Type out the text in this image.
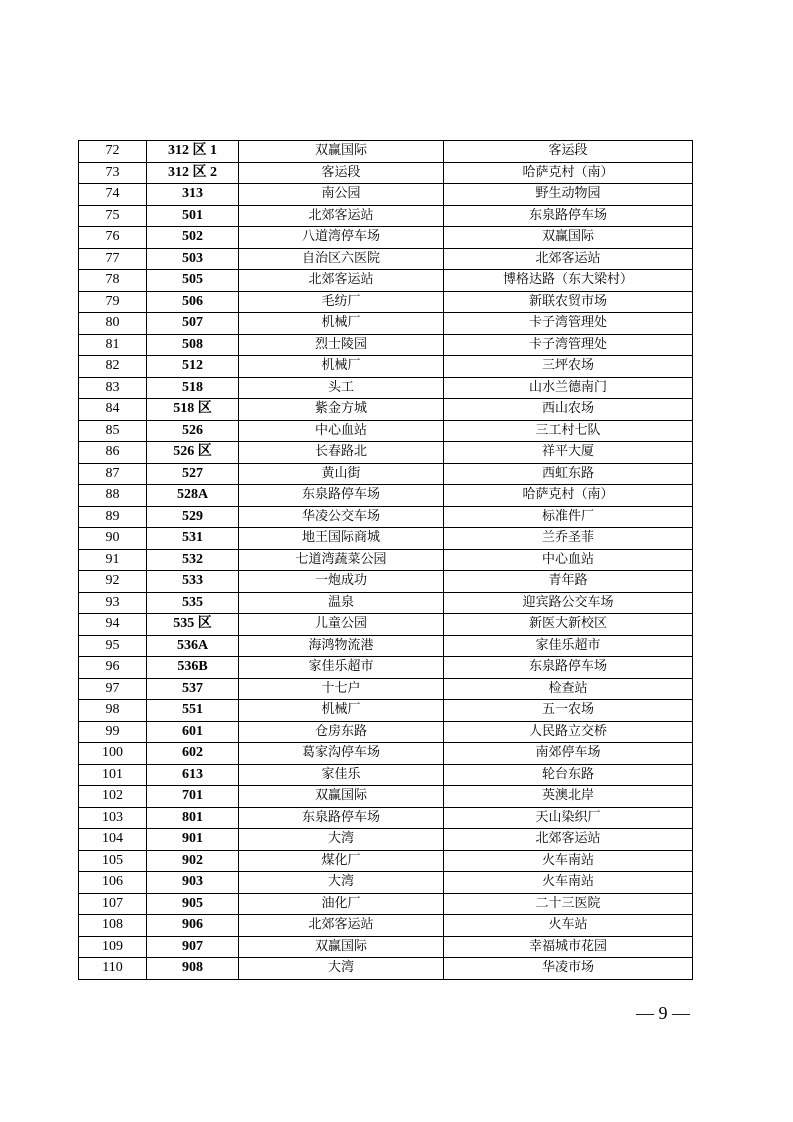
72	312 区 1	双赢国际	客运段
73	312 区 2	客运段	哈萨克村（南）
74	313	南公园	野生动物园
75	501	北郊客运站	东泉路停车场
76	502	八道湾停车场	双赢国际
77	503	自治区六医院	北郊客运站
78	505	北郊客运站	博格达路（东大梁村）
79	506	毛纺厂	新联农贸市场
80	507	机械厂	卡子湾管理处
81	508	烈士陵园	卡子湾管理处
82	512	机械厂	三坪农场
83	518	头工	山水兰德南门
84	518 区	紫金方城	西山农场
85	526	中心血站	三工村七队
86	526 区	长春路北	祥平大厦
87	527	黄山街	西虹东路
88	528A	东泉路停车场	哈萨克村（南）
89	529	华凌公交车场	标准件厂
90	531	地王国际商城	兰乔圣菲
91	532	七道湾蔬菜公园	中心血站
92	533	一炮成功	青年路
93	535	温泉	迎宾路公交车场
94	535 区	儿童公园	新医大新校区
95	536A	海鸿物流港	家佳乐超市
96	536B	家佳乐超市	东泉路停车场
97	537	十七户	检查站
98	551	机械厂	五一农场
99	601	仓房东路	人民路立交桥
100	602	葛家沟停车场	南郊停车场
101	613	家佳乐	轮台东路
102	701	双赢国际	英澳北岸
103	801	东泉路停车场	天山染织厂
104	901	大湾	北郊客运站
105	902	煤化厂	火车南站
106	903	大湾	火车南站
107	905	油化厂	二十三医院
108	906	北郊客运站	火车站
109	907	双赢国际	幸福城市花园
110	908	大湾	华凌市场
— 9 —
